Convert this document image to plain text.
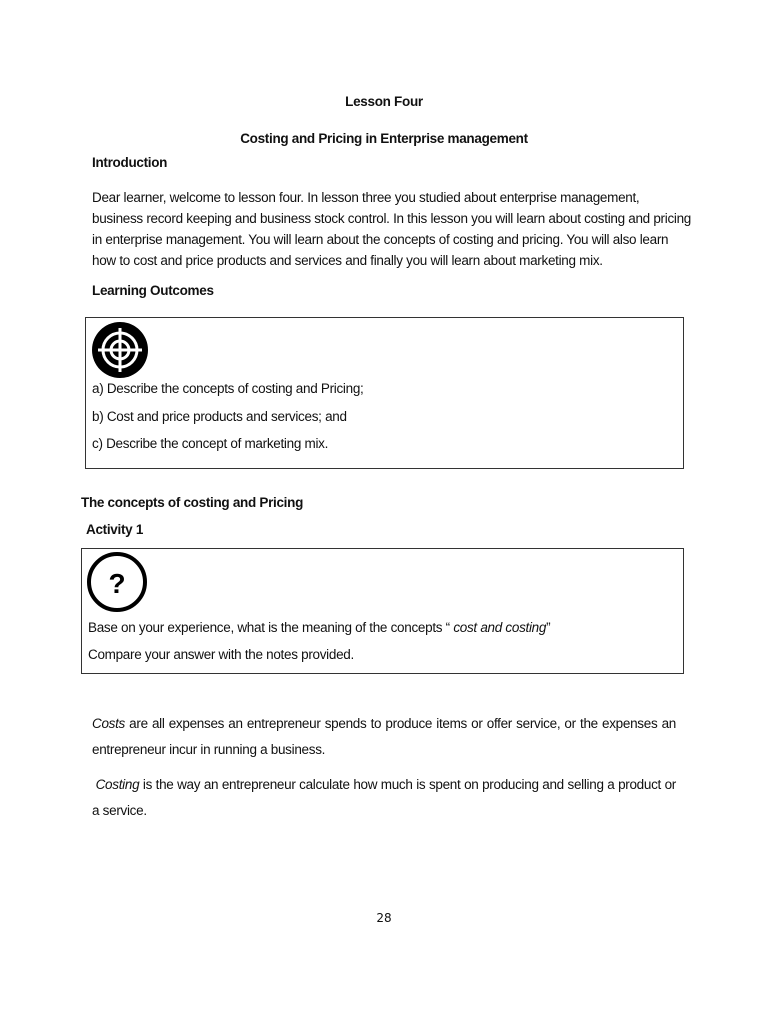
Lesson Four
Costing and Pricing in Enterprise management
Introduction
Dear learner, welcome to lesson four. In lesson three you studied about enterprise management, business record keeping and business stock control. In this lesson you will learn about costing and pricing in enterprise management. You will learn about the concepts of costing and pricing. You will also learn how to cost and price products and services and finally you will learn about marketing mix.
Learning Outcomes
a) Describe the concepts of costing and Pricing;
b) Cost and price products and services; and
c) Describe the concept of marketing mix.
The concepts of costing and Pricing
Activity 1
?
Base on your experience, what is the meaning of the concepts “ cost and costing”
Compare your answer with the notes provided.
Costs are all expenses an entrepreneur spends to produce items or offer service, or the expenses an entrepreneur incur in running a business.
Costing is the way an entrepreneur calculate how much is spent on producing and selling a product or a service.
28
